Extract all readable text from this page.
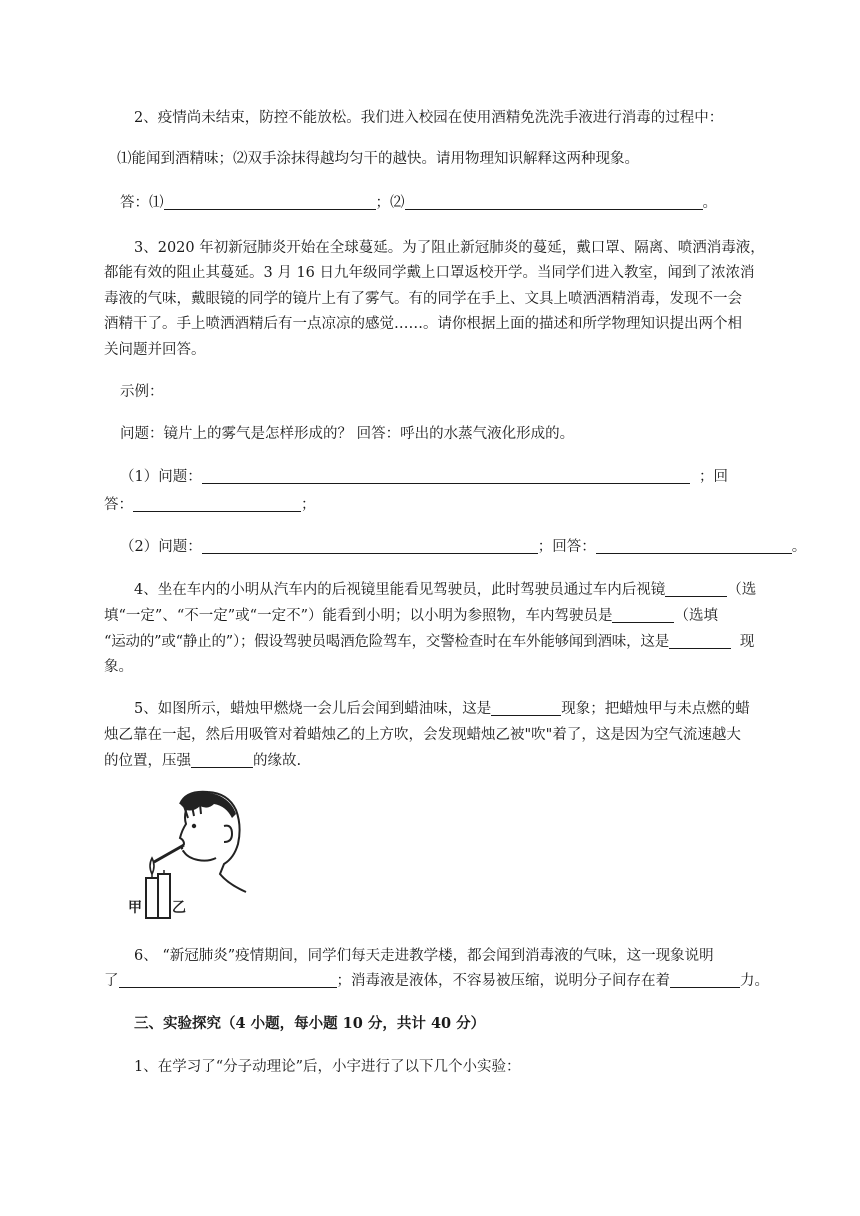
2、疫情尚未结束，防控不能放松。我们进入校园在使用酒精免洗洗手液进行消毒的过程中：
⑴能闻到酒精味；⑵双手涂抹得越均匀干的越快。请用物理知识解释这两种现象。
答：⑴	；⑵	。
3、2020 年初新冠肺炎开始在全球蔓延。为了阻止新冠肺炎的蔓延，戴口罩、隔离、喷洒消毒液，
都能有效的阻止其蔓延。3 月 16 日九年级同学戴上口罩返校开学。当同学们进入教室，闻到了浓浓消
毒液的气味，戴眼镜的同学的镜片上有了雾气。有的同学在手上、文具上喷洒酒精消毒，发现不一会
酒精干了。手上喷洒酒精后有一点凉凉的感觉……。请你根据上面的描述和所学物理知识提出两个相
关问题并回答。
示例：
问题：镜片上的雾气是怎样形成的？ 回答：呼出的水蒸气液化形成的。
（1）问题：	；回
答：	；
（2）问题：	；回答：	。
4、坐在车内的小明从汽车内的后视镜里能看见驾驶员，此时驾驶员通过车内后视镜	（选
填“一定”、“不一定”或“一定不”）能看到小明；以小明为参照物，车内驾驶员是	（选填
“运动的”或“静止的”）；假设驾驶员喝酒危险驾车，交警检查时在车外能够闻到酒味，这是	现
象。
5、如图所示，蜡烛甲燃烧一会儿后会闻到蜡油味，这是	现象；把蜡烛甲与未点燃的蜡
烛乙靠在一起，然后用吸管对着蜡烛乙的上方吹，会发现蜡烛乙被"吹"着了，这是因为空气流速越大
的位置，压强	的缘故.
甲 乙
6、 “新冠肺炎”疫情期间，同学们每天走进教学楼，都会闻到消毒液的气味，这一现象说明
了	；消毒液是液体，不容易被压缩，说明分子间存在着	力。
三、实验探究（4 小题，每小题 10 分，共计 40 分）
1、在学习了“分子动理论”后，小宇进行了以下几个小实验：
